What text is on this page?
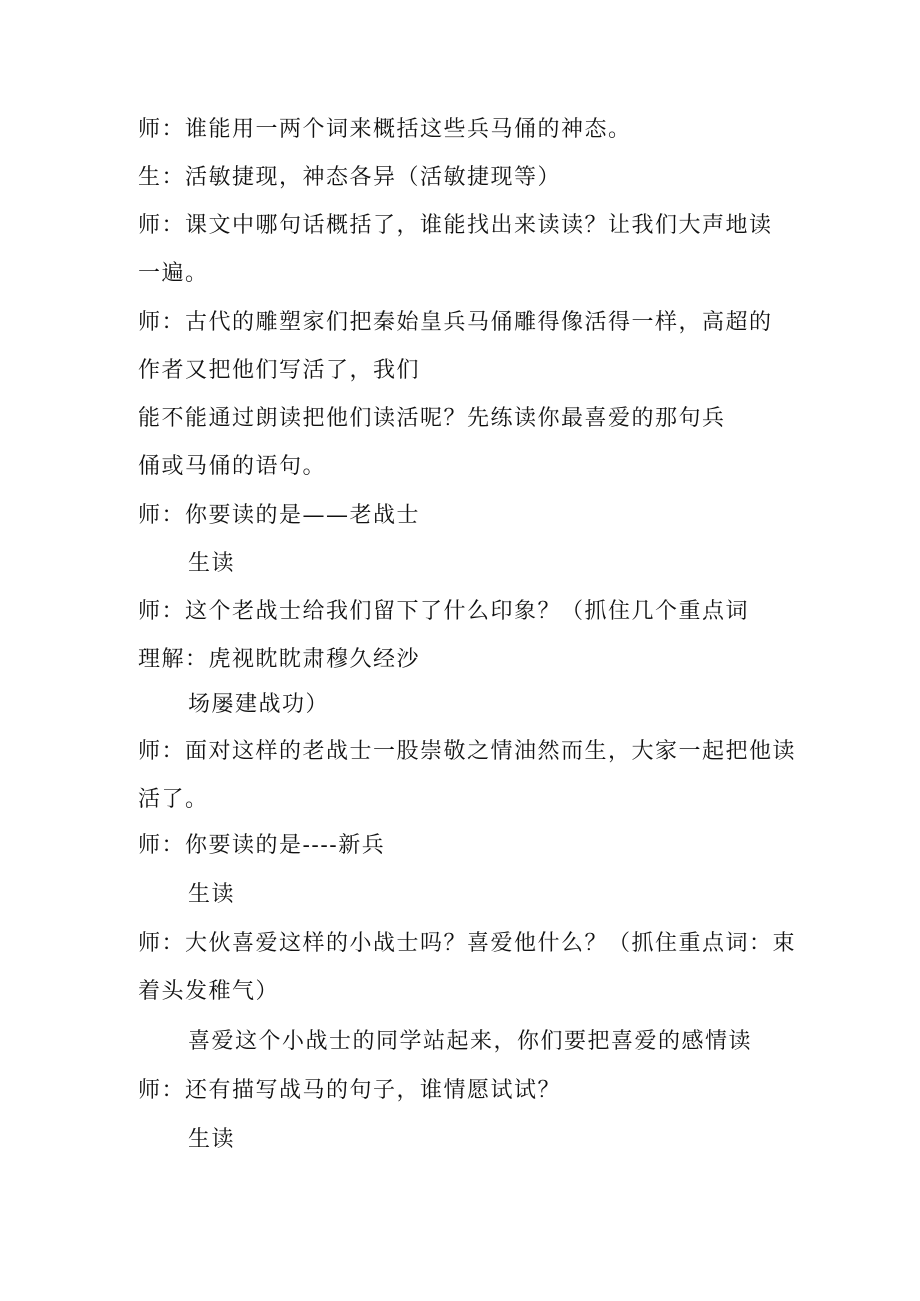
师：谁能用一两个词来概括这些兵马俑的神态。
生：活敏捷现，神态各异（活敏捷现等）
师：课文中哪句话概括了，谁能找出来读读？让我们大声地读
一遍。
师：古代的雕塑家们把秦始皇兵马俑雕得像活得一样，高超的
作者又把他们写活了，我们
能不能通过朗读把他们读活呢？先练读你最喜爱的那句兵
俑或马俑的语句。
师：你要读的是——老战士
生读
师：这个老战士给我们留下了什么印象？（抓住几个重点词
理解：虎视眈眈肃穆久经沙
场屡建战功）
师：面对这样的老战士一股崇敬之情油然而生，大家一起把他读
活了。
师：你要读的是----新兵
生读
师：大伙喜爱这样的小战士吗？喜爱他什么？（抓住重点词：束
着头发稚气）
喜爱这个小战士的同学站起来，你们要把喜爱的感情读
师：还有描写战马的句子，谁情愿试试？
生读
